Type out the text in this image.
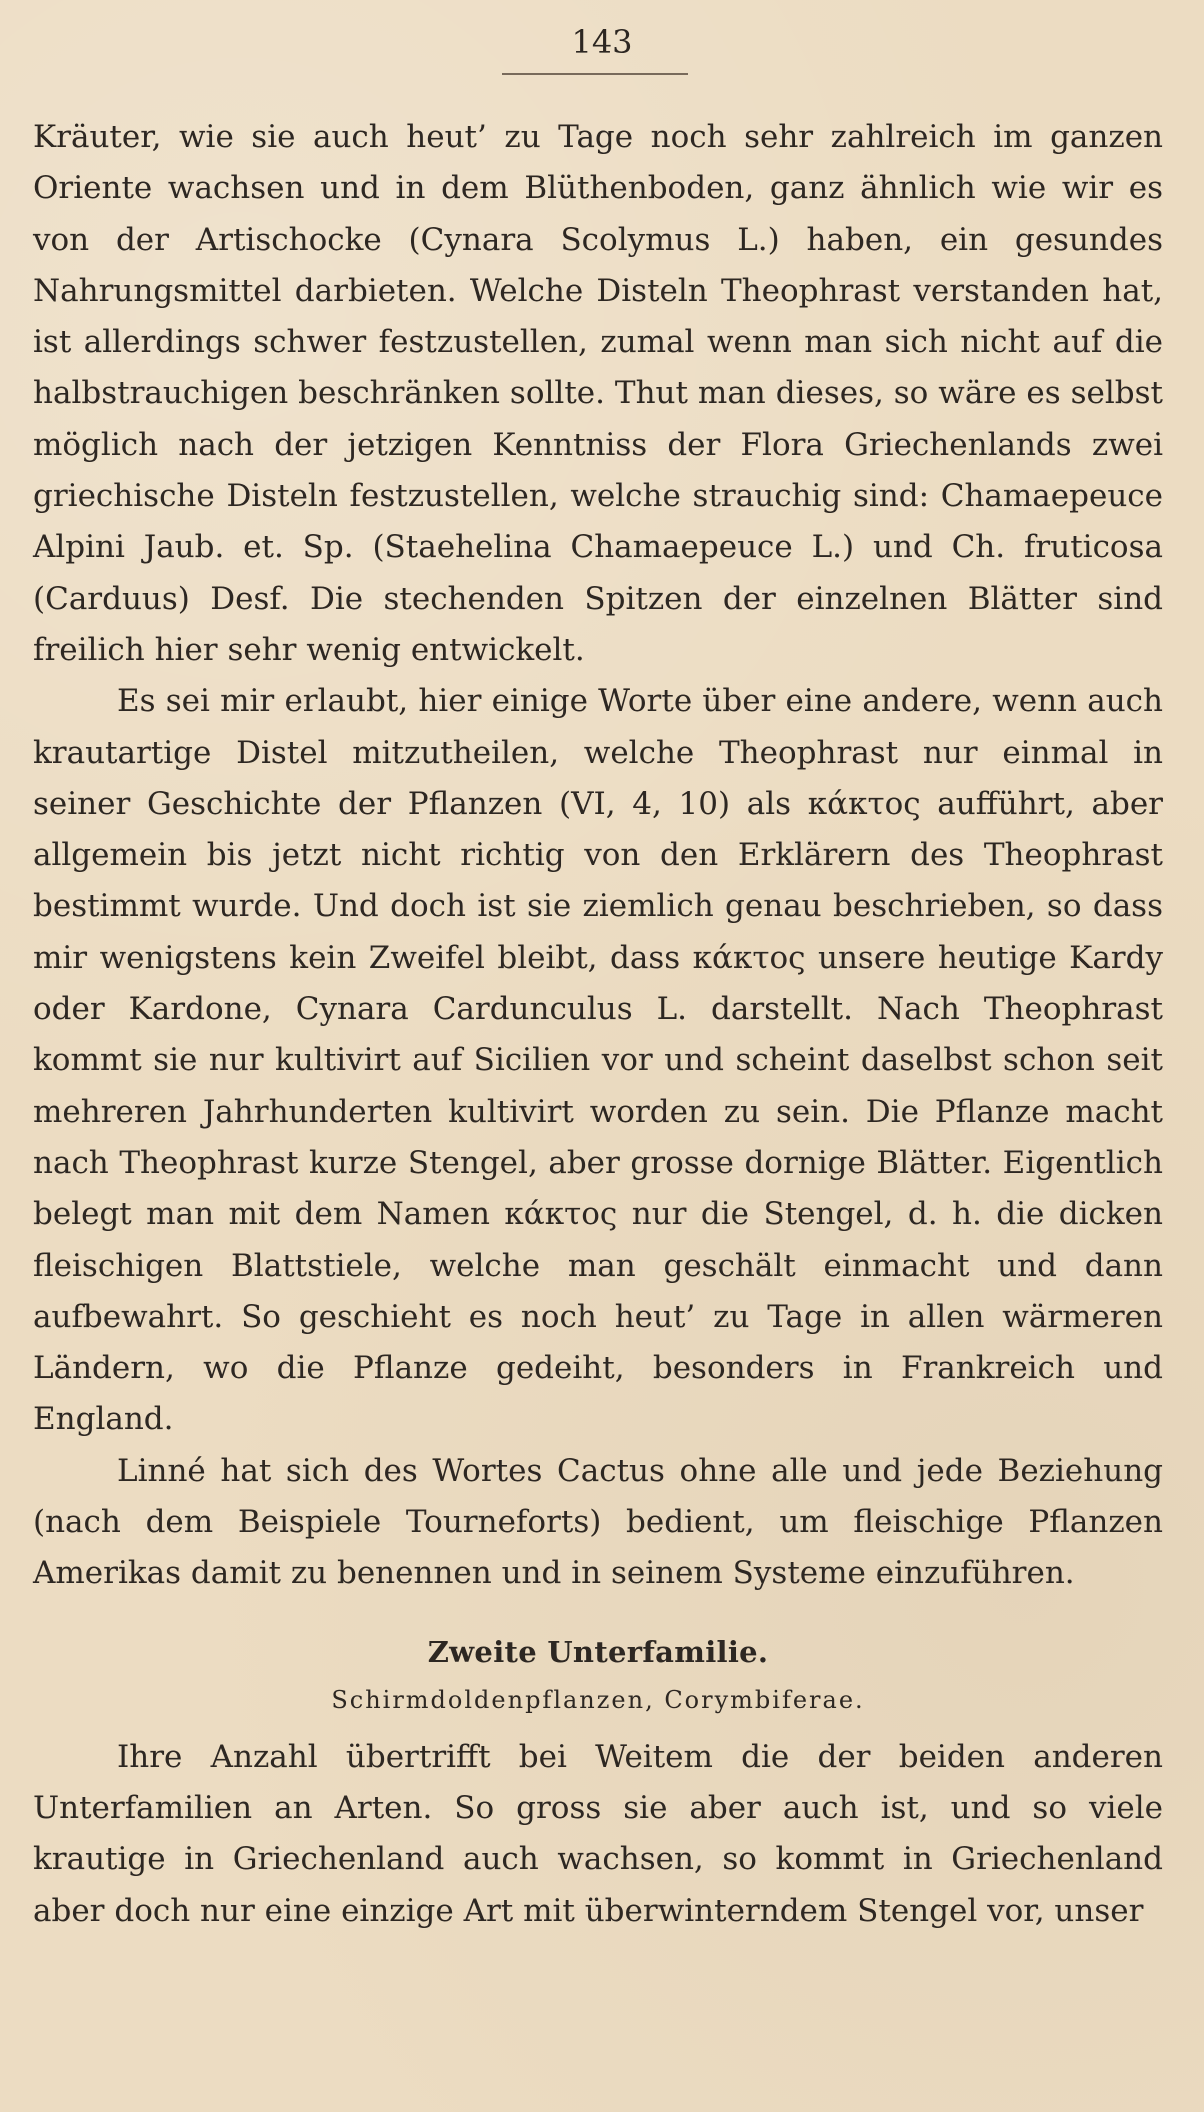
143

Kräuter, wie sie auch heut’ zu Tage noch sehr zahlreich im ganzen Oriente wachsen und in dem Blüthenboden, ganz ähnlich wie wir es von der Artischocke (Cynara Scolymus L.) haben, ein gesundes Nahrungsmittel darbieten. Welche Disteln Theophrast verstanden hat, ist allerdings schwer festzustellen, zumal wenn man sich nicht auf die halbstrauchigen beschränken sollte. Thut man dieses, so wäre es selbst möglich nach der jetzigen Kenntniss der Flora Griechenlands zwei griechische Disteln festzustellen, welche strauchig sind: Chamaepeuce Alpini Jaub. et. Sp. (Staehelina Chamaepeuce L.) und Ch. fruticosa (Carduus) Desf. Die stechenden Spitzen der einzelnen Blätter sind freilich hier sehr wenig entwickelt.

Es sei mir erlaubt, hier einige Worte über eine andere, wenn auch krautartige Distel mitzutheilen, welche Theophrast nur einmal in seiner Geschichte der Pflanzen (VI, 4, 10) als κάκτος aufführt, aber allgemein bis jetzt nicht richtig von den Erklärern des Theophrast bestimmt wurde. Und doch ist sie ziemlich genau beschrieben, so dass mir wenigstens kein Zweifel bleibt, dass κάκτος unsere heutige Kardy oder Kardone, Cynara Cardunculus L. darstellt. Nach Theophrast kommt sie nur kultivirt auf Sicilien vor und scheint daselbst schon seit mehreren Jahrhunderten kultivirt worden zu sein. Die Pflanze macht nach Theophrast kurze Stengel, aber grosse dornige Blätter. Eigentlich belegt man mit dem Namen κάκτος nur die Stengel, d. h. die dicken fleischigen Blattstiele, welche man geschält einmacht und dann aufbewahrt. So geschieht es noch heut’ zu Tage in allen wärmeren Ländern, wo die Pflanze gedeiht, besonders in Frankreich und England.

Linné hat sich des Wortes Cactus ohne alle und jede Beziehung (nach dem Beispiele Tourneforts) bedient, um fleischige Pflanzen Amerikas damit zu benennen und in seinem Systeme einzuführen.

Zweite Unterfamilie.
Schirmdoldenpflanzen, Corymbiferae.

Ihre Anzahl übertrifft bei Weitem die der beiden anderen Unterfamilien an Arten. So gross sie aber auch ist, und so viele krautige in Griechenland auch wachsen, so kommt in Griechenland aber doch nur eine einzige Art mit überwinterndem Stengel vor, unser
